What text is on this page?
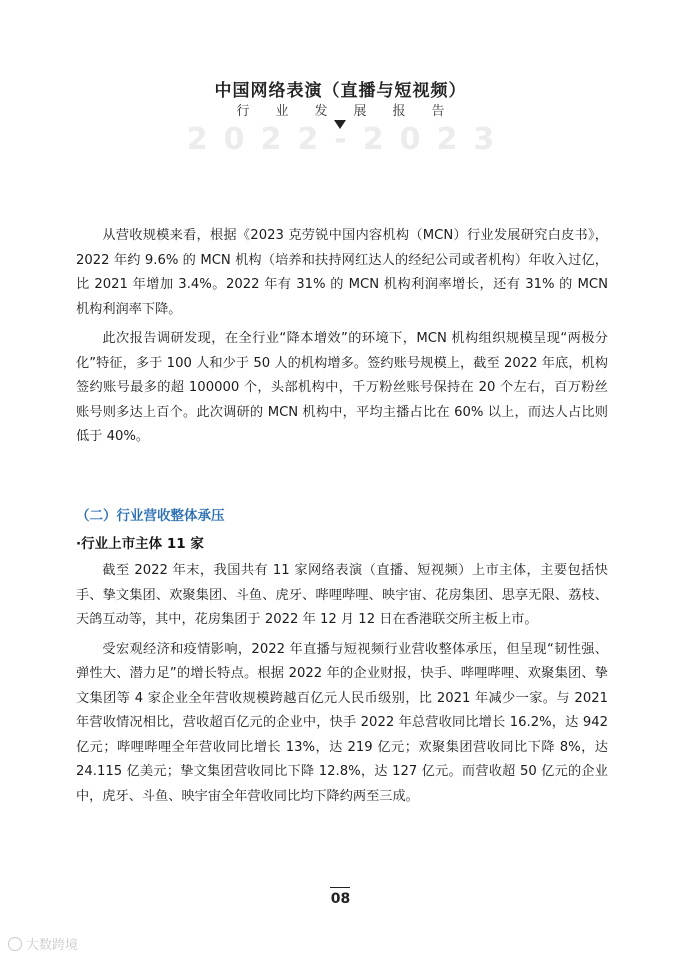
中国网络表演（直播与短视频）
行业发展报告
2022-2023

从营收规模来看，根据《2023 克劳锐中国内容机构（MCN）行业发展研究白皮书》，2022 年约 9.6% 的 MCN 机构（培养和扶持网红达人的经纪公司或者机构）年收入过亿，比 2021 年增加 3.4%。2022 年有 31% 的 MCN 机构利润率增长，还有 31% 的 MCN 机构利润率下降。

此次报告调研发现，在全行业“降本增效”的环境下，MCN 机构组织规模呈现“两极分化”特征，多于 100 人和少于 50 人的机构增多。签约账号规模上，截至 2022 年底，机构签约账号最多的超 100000 个，头部机构中，千万粉丝账号保持在 20 个左右，百万粉丝账号则多达上百个。此次调研的 MCN 机构中，平均主播占比在 60% 以上，而达人占比则低于 40%。

（二）行业营收整体承压
·行业上市主体 11 家

截至 2022 年末，我国共有 11 家网络表演（直播、短视频）上市主体，主要包括快手、挚文集团、欢聚集团、斗鱼、虎牙、哔哩哔哩、映宇宙、花房集团、思享无限、荔枝、天鸽互动等，其中，花房集团于 2022 年 12 月 12 日在香港联交所主板上市。

受宏观经济和疫情影响，2022 年直播与短视频行业营收整体承压，但呈现“韧性强、弹性大、潜力足”的增长特点。根据 2022 年的企业财报，快手、哔哩哔哩、欢聚集团、挚文集团等 4 家企业全年营收规模跨越百亿元人民币级别，比 2021 年减少一家。与 2021 年营收情况相比，营收超百亿元的企业中，快手 2022 年总营收同比增长 16.2%，达 942 亿元；哔哩哔哩全年营收同比增长 13%，达 219 亿元；欢聚集团营收同比下降 8%，达 24.115 亿美元；挚文集团营收同比下降 12.8%，达 127 亿元。而营收超 50 亿元的企业中，虎牙、斗鱼、映宇宙全年营收同比均下降约两至三成。

08
大数跨境
